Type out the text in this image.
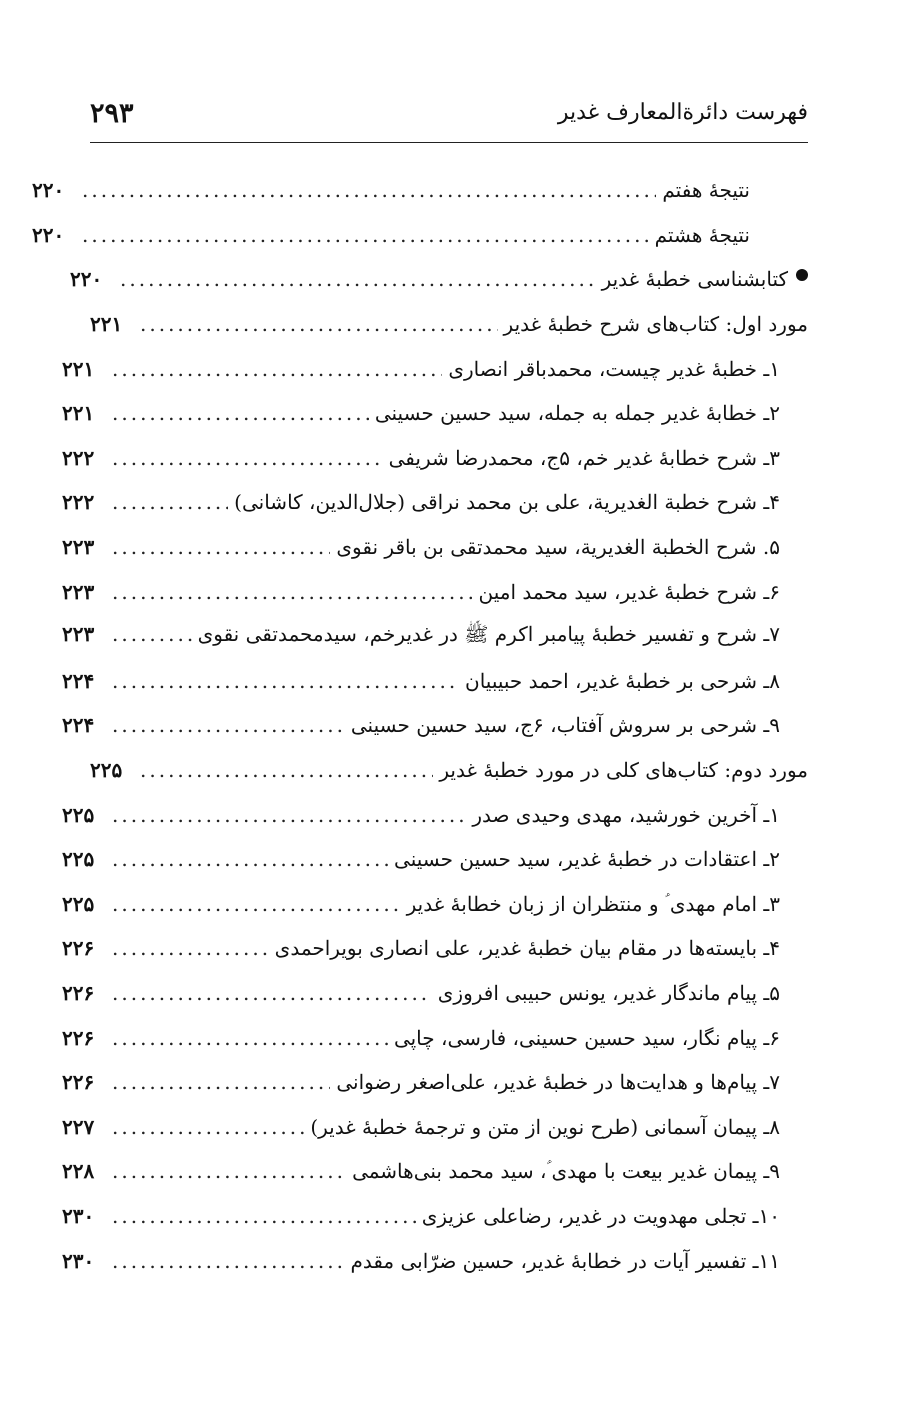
۲۹۳	فهرست دائرةالمعارف غدیر
نتیجهٔ هفتم
.....
۲۲۰
نتیجهٔ هشتم
.....
۲۲۰
کتابشناسی خطبهٔ غدیر
.....
۲۲۰
مورد اول: کتاب‌های شرح خطبهٔ غدیر
.....
۲۲۱
۱ـ خطبهٔ غدیر چیست، محمدباقر انصاری
.....
۲۲۱
۲ـ خطابهٔ غدیر جمله به جمله، سید حسین حسینی
.....
۲۲۱
۳ـ شرح خطابهٔ غدیر خم، ۵ج، محمدرضا شریفی
.....
۲۲۲
۴ـ شرح خطبة الغدیریة، علی بن محمد نراقی (جلال‌الدین، کاشانی)
.....
۲۲۲
۵. شرح الخطبة الغدیریة، سید محمدتقی بن باقر نقوی
.....
۲۲۳
۶ـ شرح خطبهٔ غدیر، سید محمد امین
.....
۲۲۳
۷ـ شرح و تفسیر خطبهٔ پیامبر اکرم ﷺ در غدیرخم، سیدمحمدتقی نقوی
.....
۲۲۳
۸ـ شرحی بر خطبهٔ غدیر، احمد حبیبیان
.....
۲۲۴
۹ـ شرحی بر سروش آفتاب، ۶ج، سید حسین حسینی
.....
۲۲۴
مورد دوم: کتاب‌های کلی در مورد خطبهٔ غدیر
.....
۲۲۵
۱ـ آخرین خورشید، مهدی وحیدی صدر
.....
۲۲۵
۲ـ اعتقادات در خطبهٔ غدیر، سید حسین حسینی
.....
۲۲۵
۳ـ امام مهدی ؑ و منتظران از زبان خطابهٔ غدیر
.....
۲۲۵
۴ـ بایسته‌ها در مقام بیان خطبهٔ غدیر، علی انصاری بویراحمدی
.....
۲۲۶
۵ـ پیام ماندگار غدیر، یونس حبیبی افروزی
.....
۲۲۶
۶ـ پیام نگار، سید حسین حسینی، فارسی، چاپی
.....
۲۲۶
۷ـ پیام‌ها و هدایت‌ها در خطبهٔ غدیر، علی‌اصغر رضوانی
.....
۲۲۶
۸ـ پیمان آسمانی (طرح نوین از متن و ترجمهٔ خطبهٔ غدیر)
.....
۲۲۷
۹ـ پیمان غدیر بیعت با مهدی ؑ، سید محمد بنی‌هاشمی
.....
۲۲۸
۱۰ـ تجلی مهدویت در غدیر، رضاعلی عزیزی
.....
۲۳۰
۱۱ـ تفسیر آیات در خطابهٔ غدیر، حسین ضرّابی مقدم
.....
۲۳۰
